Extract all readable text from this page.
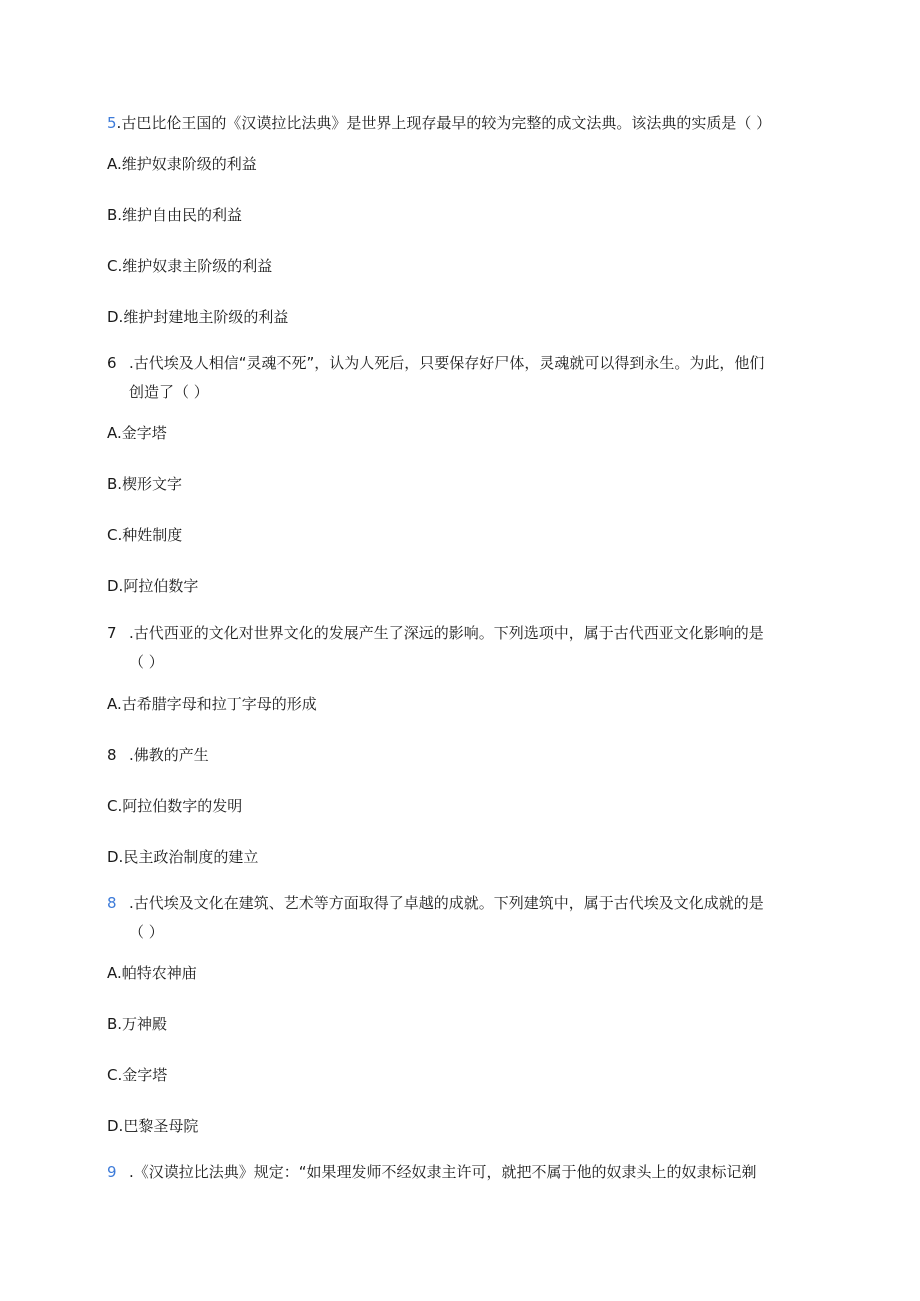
5.古巴比伦王国的《汉谟拉比法典》是世界上现存最早的较为完整的成文法典。该法典的实质是（ ）
A.维护奴隶阶级的利益
B.维护自由民的利益
C.维护奴隶主阶级的利益
D.维护封建地主阶级的利益
6 .古代埃及人相信“灵魂不死”，认为人死后，只要保存好尸体，灵魂就可以得到永生。为此，他们
创造了（ ）
A.金字塔
B.楔形文字
C.种姓制度
D.阿拉伯数字
7 .古代西亚的文化对世界文化的发展产生了深远的影响。下列选项中，属于古代西亚文化影响的是
（ ）
A.古希腊字母和拉丁字母的形成
8 .佛教的产生
C.阿拉伯数字的发明
D.民主政治制度的建立
8 .古代埃及文化在建筑、艺术等方面取得了卓越的成就。下列建筑中，属于古代埃及文化成就的是
（ ）
A.帕特农神庙
B.万神殿
C.金字塔
D.巴黎圣母院
9 .《汉谟拉比法典》规定：“如果理发师不经奴隶主许可，就把不属于他的奴隶头上的奴隶标记剃
